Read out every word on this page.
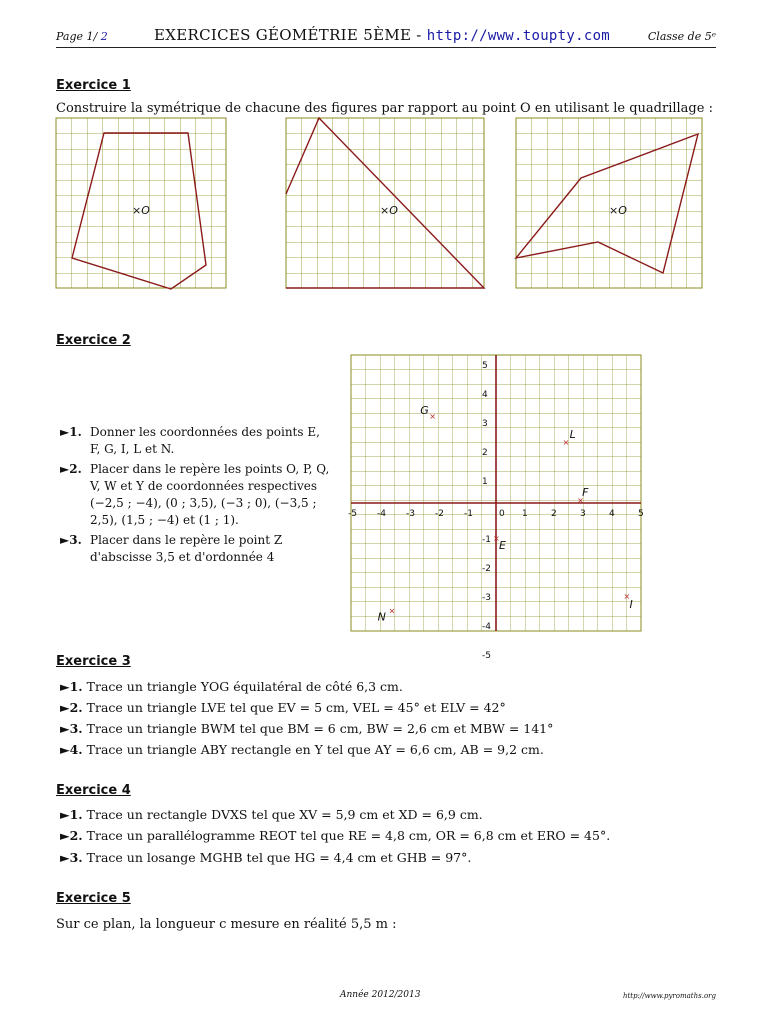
Page 1/ 2	EXERCICES GÉOMÉTRIE 5ÈME - http://www.toupty.com	Classe de 5ᵉ
Exercice 1
Construire la symétrique de chacune des figures par rapport au point O en utilisant le quadrillage :
×O	×O	×O
Exercice 2
►1. Donner les coordonnées des points E, F, G, I, L et N.
►2. Placer dans le repère les points O, P, Q, V, W et Y de coordonnées respectives (−2,5 ; −4), (0 ; 3,5), (−3 ; 0), (−3,5 ; 2,5), (1,5 ; −4) et (1 ; 1).
►3. Placer dans le repère le point Z d'abscisse 3,5 et d'ordonnée 4
-5 -4 -3 -2 -1	0 1	2	3	4	5
5
4
3
2
1
-1
-2
-3
-4
-5
×
G
×
L
×
F
×
E
×
I
×
N
Exercice 3
►1. Trace un triangle YOG équilatéral de côté 6,3 cm.
►2. Trace un triangle LVE tel que EV = 5 cm, VEL = 45° et ELV = 42°
►3. Trace un triangle BWM tel que BM = 6 cm, BW = 2,6 cm et MBW = 141°
►4. Trace un triangle ABY rectangle en Y tel que AY = 6,6 cm, AB = 9,2 cm.
Exercice 4
►1. Trace un rectangle DVXS tel que XV = 5,9 cm et XD = 6,9 cm.
►2. Trace un parallélogramme REOT tel que RE = 4,8 cm, OR = 6,8 cm et ERO = 45°.
►3. Trace un losange MGHB tel que HG = 4,4 cm et GHB = 97°.
Exercice 5
Sur ce plan, la longueur c mesure en réalité 5,5 m :
Année 2012/2013	http://www.pyromaths.org
